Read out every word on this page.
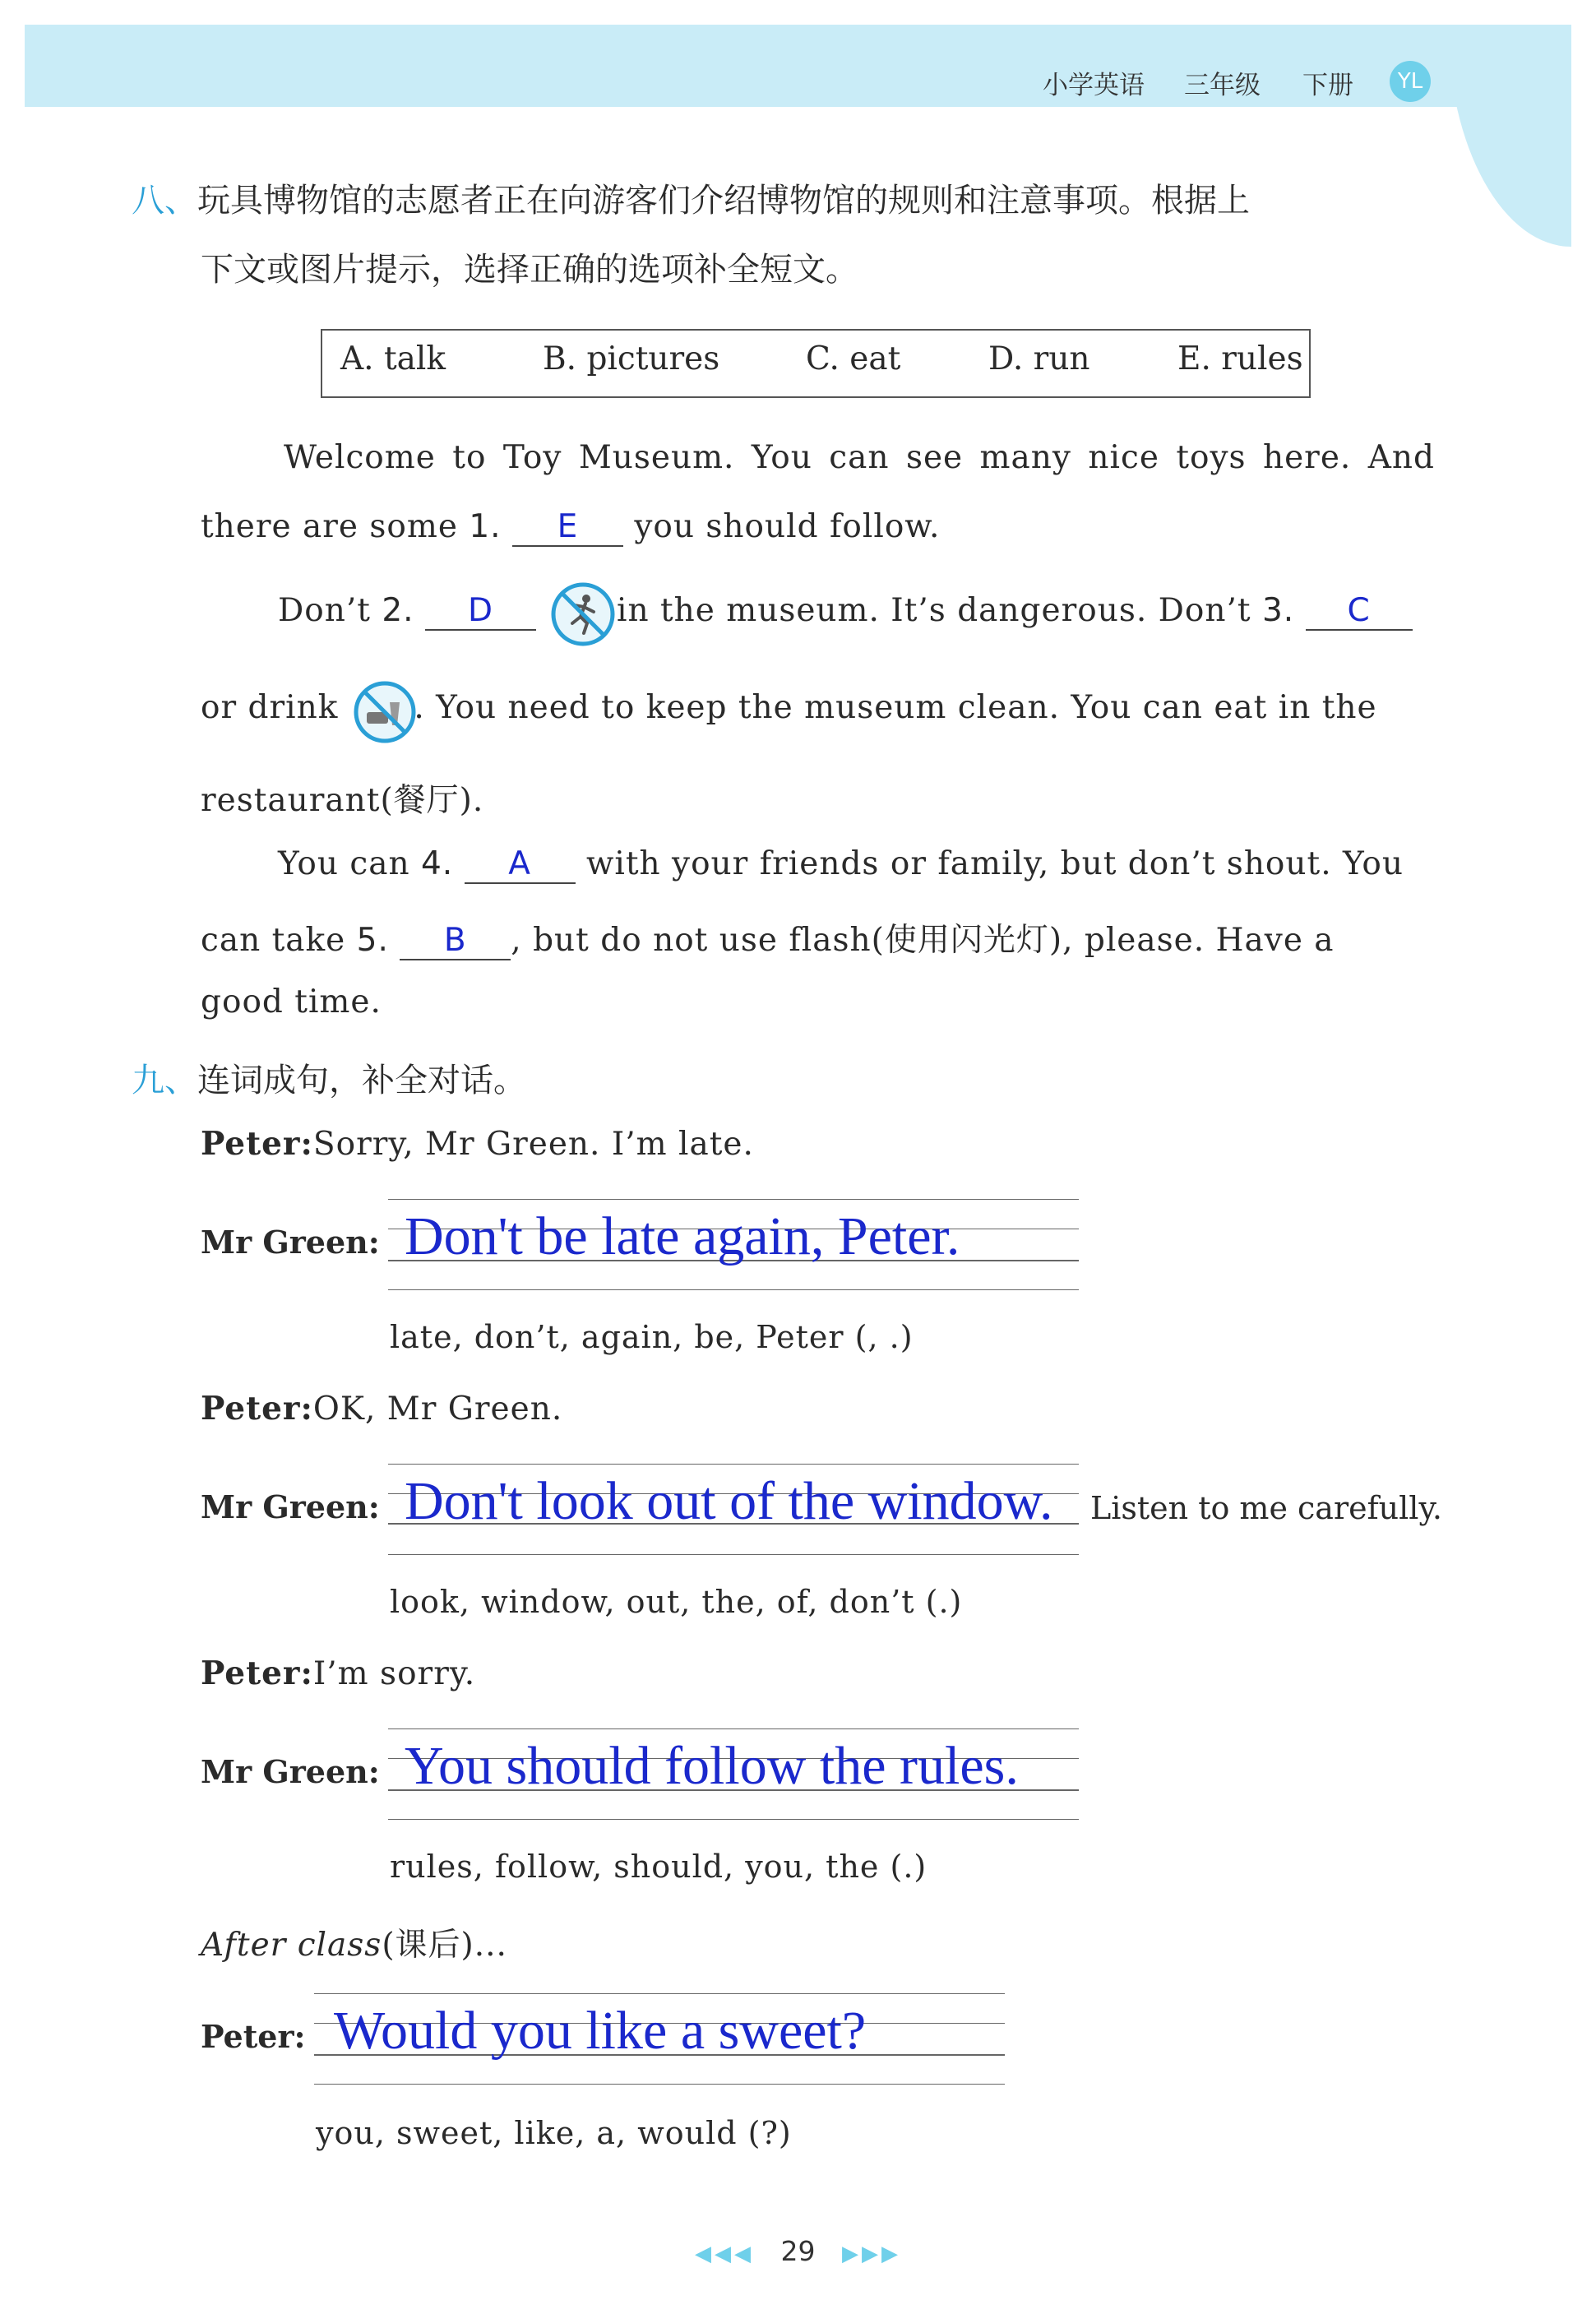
小学英语 三年级 下册	YL
八、玩具博物馆的志愿者正在向游客们介绍博物馆的规则和注意事项。根据上
下文或图片提示，选择正确的选项补全短文。
A. talk	B. pictures	C. eat	D. run	E. rules
Welcome to Toy Museum. You can see many nice toys here. And
there are some 1. E you should follow.
Don’t 2. D	in the museum. It’s dangerous. Don’t 3. C
or drink . You need to keep the museum clean. You can eat in the
restaurant(餐厅).
You can 4. A with your friends or family, but don’t shout. You
can take 5. B , but do not use flash(使用闪光灯), please. Have a
good time.
九、连词成句，补全对话。
Peter:Sorry, Mr Green. I’m late.
Mr Green: Don't be late again, Peter.
late, don’t, again, be, Peter (, .)
Peter:OK, Mr Green.
Mr Green: Don't look out of the window. Listen to me carefully.
look, window, out, the, of, don’t (.)
Peter:I’m sorry.
Mr Green: You should follow the rules.
rules, follow, should, you, the (.)
After class(课后)...
Peter: Would you like a sweet?
you, sweet, like, a, would (?)
◀◀◀ 29 ▶▶▶
